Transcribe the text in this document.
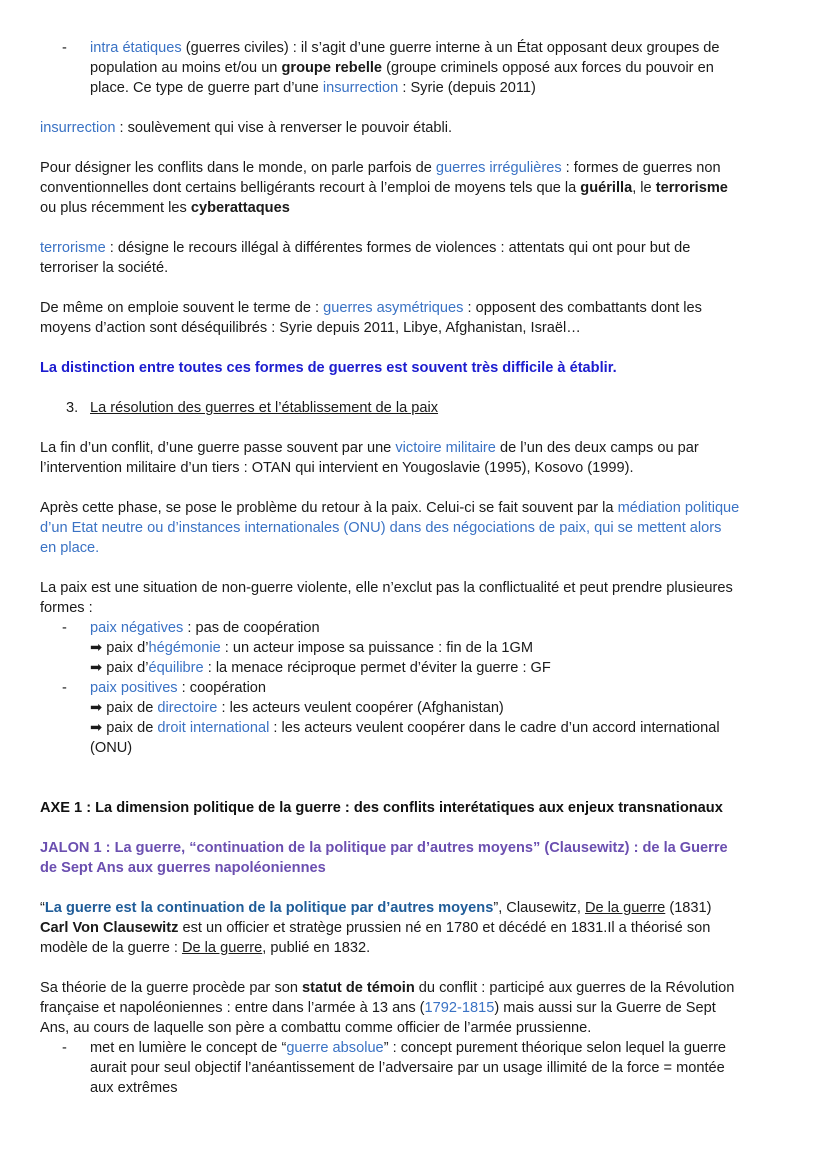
- intra étatiques (guerres civiles) : il s’agit d’une guerre interne à un État opposant deux groupes de population au moins et/ou un groupe rebelle (groupe criminels opposé aux forces du pouvoir en place. Ce type de guerre part d’une insurrection : Syrie (depuis 2011)

insurrection : soulèvement qui vise à renverser le pouvoir établi.

Pour désigner les conflits dans le monde, on parle parfois de guerres irrégulières : formes de guerres non conventionnelles dont certains belligérants recourt à l’emploi de moyens tels que la guérilla, le terrorisme ou plus récemment les cyberattaques

terrorisme : désigne le recours illégal à différentes formes de violences : attentats qui ont pour but de terroriser la société.

De même on emploie souvent le terme de : guerres asymétriques : opposent des combattants dont les moyens d’action sont déséquilibrés : Syrie depuis 2011, Libye, Afghanistan, Israël…

La distinction entre toutes ces formes de guerres est souvent très difficile à établir.

3. La résolution des guerres et l’établissement de la paix

La fin d’un conflit, d’une guerre passe souvent par une victoire militaire de l’un des deux camps ou par l’intervention militaire d’un tiers : OTAN qui intervient en Yougoslavie (1995), Kosovo (1999).

Après cette phase, se pose le problème du retour à la paix. Celui-ci se fait souvent par la médiation politique d’un Etat neutre ou d’instances internationales (ONU) dans des négociations de paix, qui se mettent alors en place.

La paix est une situation de non-guerre violente, elle n’exclut pas la conflictualité et peut prendre plusieures formes :

- paix négatives : pas de coopération

➡ paix d’hégémonie : un acteur impose sa puissance : fin de la 1GM

➡ paix d’équilibre : la menace réciproque permet d’éviter la guerre : GF

- paix positives : coopération

➡ paix de directoire : les acteurs veulent coopérer (Afghanistan)

➡ paix de droit international : les acteurs veulent coopérer dans le cadre d’un accord international (ONU)

AXE 1 : La dimension politique de la guerre : des conflits interétatiques aux enjeux transnationaux

JALON 1 : La guerre, “continuation de la politique par d’autres moyens” (Clausewitz) : de la Guerre de Sept Ans aux guerres napoléoniennes

“La guerre est la continuation de la politique par d’autres moyens”, Clausewitz, De la guerre (1831)

Carl Von Clausewitz est un officier et stratège prussien né en 1780 et décédé en 1831.Il a théorisé son modèle de la guerre : De la guerre, publié en 1832.

Sa théorie de la guerre procède par son statut de témoin du conflit : participé aux guerres de la Révolution française et napoléoniennes : entre dans l’armée à 13 ans (1792-1815) mais aussi sur la Guerre de Sept Ans, au cours de laquelle son père a combattu comme officier de l’armée prussienne.

- met en lumière le concept de “guerre absolue” : concept purement théorique selon lequel la guerre aurait pour seul objectif l’anéantissement de l’adversaire par un usage illimité de la force = montée aux extrêmes
